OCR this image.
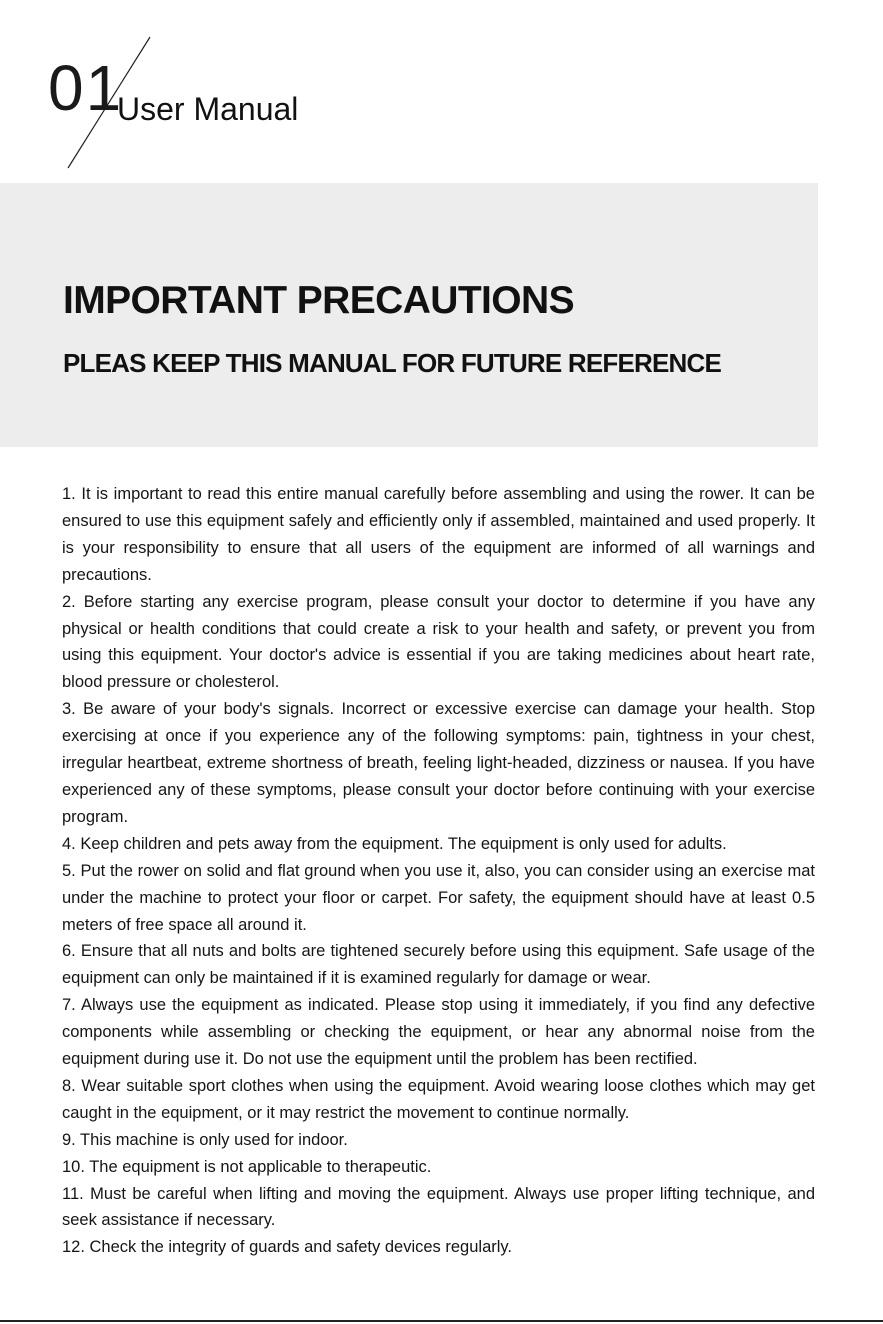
01
User Manual
IMPORTANT PRECAUTIONS
PLEAS KEEP THIS MANUAL FOR FUTURE REFERENCE

1. It is important to read this entire manual carefully before assembling and using the rower. It can be ensured to use this equipment safely and efficiently only if assembled, maintained and used properly. It is your responsibility to ensure that all users of the equipment are informed of all warnings and precautions.

2. Before starting any exercise program, please consult your doctor to determine if you have any physical or health conditions that could create a risk to your health and safety, or prevent you from using this equipment. Your doctor's advice is essential if you are taking medicines about heart rate, blood pressure or cholesterol.

3. Be aware of your body's signals. Incorrect or excessive exercise can damage your health. Stop exercising at once if you experience any of the following symptoms: pain, tightness in your chest, irregular heartbeat, extreme shortness of breath, feeling light-headed, dizziness or nausea. If you have experienced any of these symptoms, please consult your doctor before continuing with your exercise program.

4. Keep children and pets away from the equipment. The equipment is only used for adults.

5. Put the rower on solid and flat ground when you use it, also, you can consider using an exercise mat under the machine to protect your floor or carpet. For safety, the equipment should have at least 0.5 meters of free space all around it.

6. Ensure that all nuts and bolts are tightened securely before using this equipment. Safe usage of the equipment can only be maintained if it is examined regularly for damage or wear.

7. Always use the equipment as indicated. Please stop using it immediately, if you find any defective components while assembling or checking the equipment, or hear any abnormal noise from the equipment during use it. Do not use the equipment until the problem has been rectified.

8. Wear suitable sport clothes when using the equipment. Avoid wearing loose clothes which may get caught in the equipment, or it may restrict the movement to continue normally.

9. This machine is only used for indoor.

10. The equipment is not applicable to therapeutic.

11. Must be careful when lifting and moving the equipment. Always use proper lifting technique, and seek assistance if necessary.

12. Check the integrity of guards and safety devices regularly.
